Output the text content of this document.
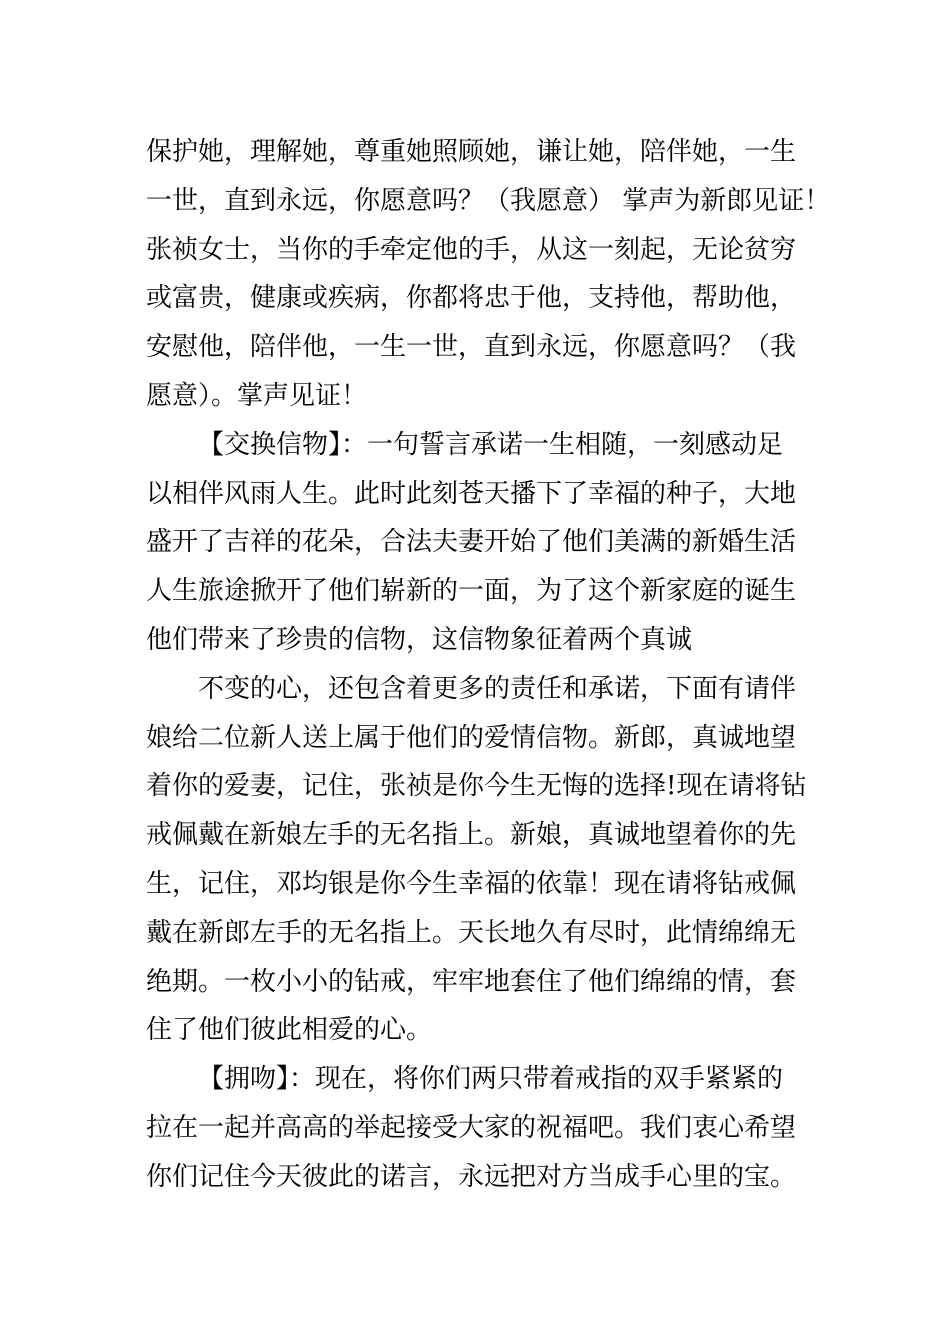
保护她，理解她，尊重她照顾她，谦让她，陪伴她，一生
一世，直到永远，你愿意吗？（我愿意） 掌声为新郎见证！
张祯女士，当你的手牵定他的手，从这一刻起，无论贫穷
或富贵，健康或疾病，你都将忠于他，支持他，帮助他，
安慰他，陪伴他，一生一世，直到永远，你愿意吗？（我
愿意）。掌声见证！
【交换信物】：一句誓言承诺一生相随，一刻感动足
以相伴风雨人生。此时此刻苍天播下了幸福的种子，大地
盛开了吉祥的花朵，合法夫妻开始了他们美满的新婚生活
人生旅途掀开了他们崭新的一面，为了这个新家庭的诞生
他们带来了珍贵的信物，这信物象征着两个真诚
不变的心，还包含着更多的责任和承诺，下面有请伴
娘给二位新人送上属于他们的爱情信物。新郎，真诚地望
着你的爱妻，记住，张祯是你今生无悔的选择!现在请将钻
戒佩戴在新娘左手的无名指上。新娘，真诚地望着你的先
生，记住，邓均银是你今生幸福的依靠！现在请将钻戒佩
戴在新郎左手的无名指上。天长地久有尽时，此情绵绵无
绝期。一枚小小的钻戒，牢牢地套住了他们绵绵的情，套
住了他们彼此相爱的心。
【拥吻】：现在，将你们两只带着戒指的双手紧紧的
拉在一起并高高的举起接受大家的祝福吧。我们衷心希望
你们记住今天彼此的诺言，永远把对方当成手心里的宝。
